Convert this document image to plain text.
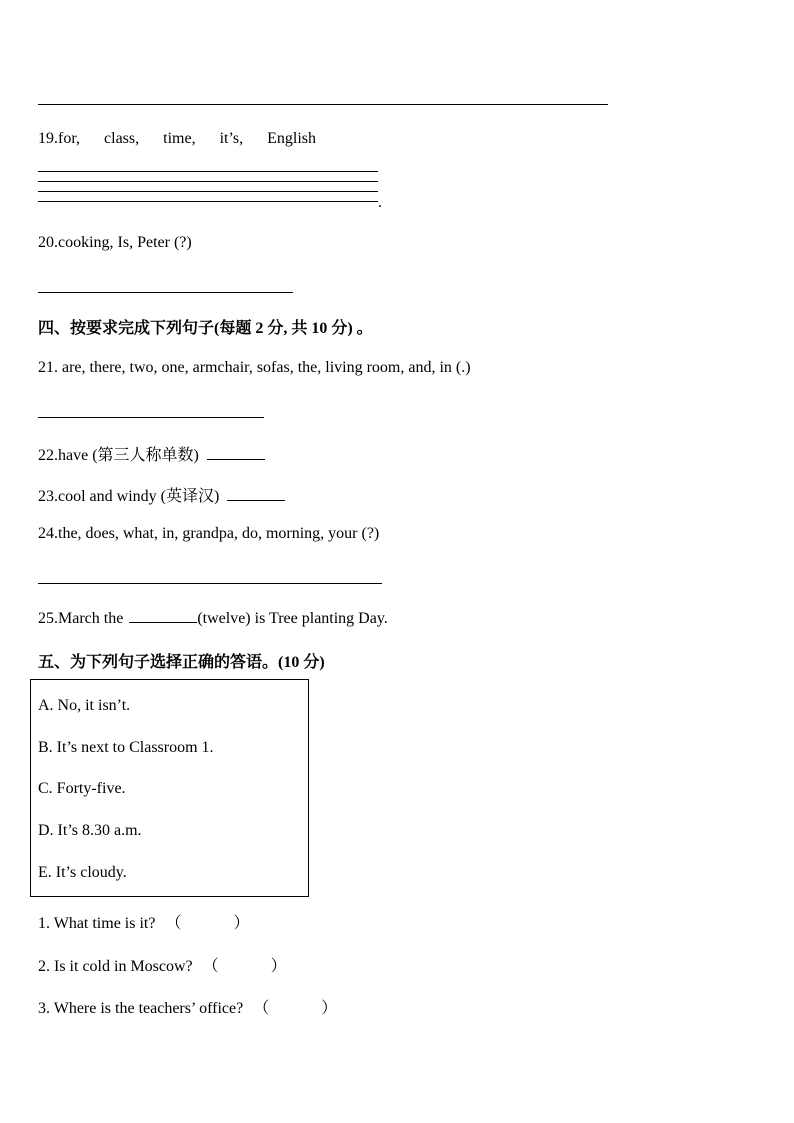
19.for, class, time, it’s, English
.
20.cooking, Is, Peter (?)
四、按要求完成下列句子(每题 2 分, 共 10 分) 。
21. are, there, two, one, armchair, sofas, the, living room, and, in (.)
22.have (第三人称单数)
23.cool and windy (英译汉)
24.the, does, what, in, grandpa, do, morning, your (?)
25.March the	(twelve) is Tree planting Day.
五、为下列句子选择正确的答语。(10 分)
A. No, it isn’t.
B. It’s next to Classroom 1.
C. Forty-five.
D. It’s 8.30 a.m.
E. It’s cloudy.
1. What time is it? （	）
2. Is it cold in Moscow? （	）
3. Where is the teachers’ office? （	）
